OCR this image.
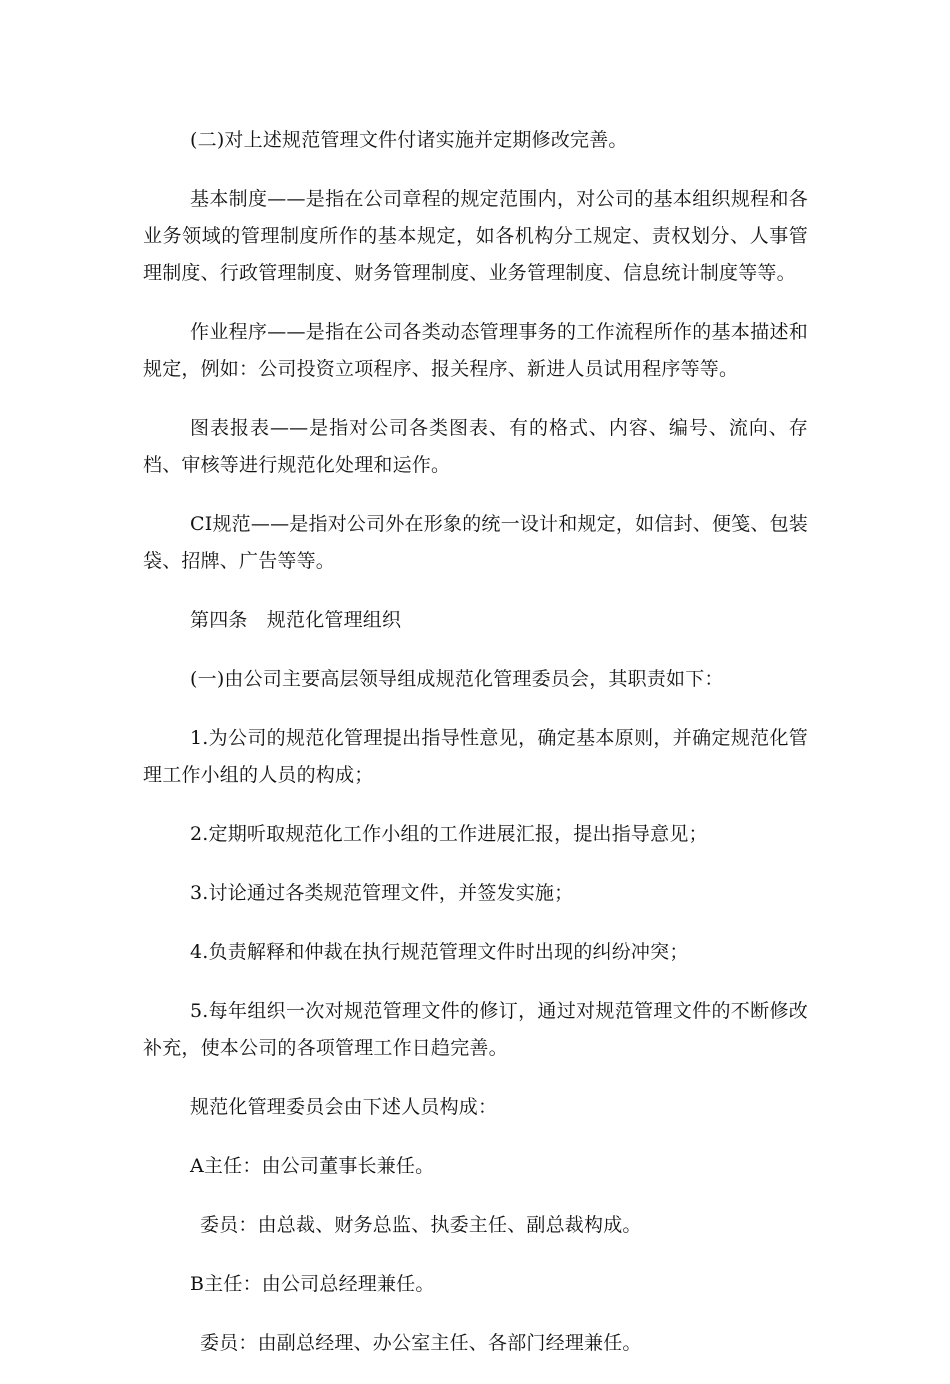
(二)对上述规范管理文件付诸实施并定期修改完善。

基本制度——是指在公司章程的规定范围内，对公司的基本组织规程和各业务领域的管理制度所作的基本规定，如各机构分工规定、责权划分、人事管理制度、行政管理制度、财务管理制度、业务管理制度、信息统计制度等等。

作业程序——是指在公司各类动态管理事务的工作流程所作的基本描述和规定，例如：公司投资立项程序、报关程序、新进人员试用程序等等。

图表报表——是指对公司各类图表、有的格式、内容、编号、流向、存档、审核等进行规范化处理和运作。

CI规范——是指对公司外在形象的统一设计和规定，如信封、便笺、包装袋、招牌、广告等等。

第四条　规范化管理组织

(一)由公司主要高层领导组成规范化管理委员会，其职责如下：

1.为公司的规范化管理提出指导性意见，确定基本原则，并确定规范化管理工作小组的人员的构成；

2.定期听取规范化工作小组的工作进展汇报，提出指导意见；

3.讨论通过各类规范管理文件，并签发实施；

4.负责解释和仲裁在执行规范管理文件时出现的纠纷冲突；

5.每年组织一次对规范管理文件的修订，通过对规范管理文件的不断修改补充，使本公司的各项管理工作日趋完善。

规范化管理委员会由下述人员构成：

A主任：由公司董事长兼任。

委员：由总裁、财务总监、执委主任、副总裁构成。

B主任：由公司总经理兼任。

委员：由副总经理、办公室主任、各部门经理兼任。
